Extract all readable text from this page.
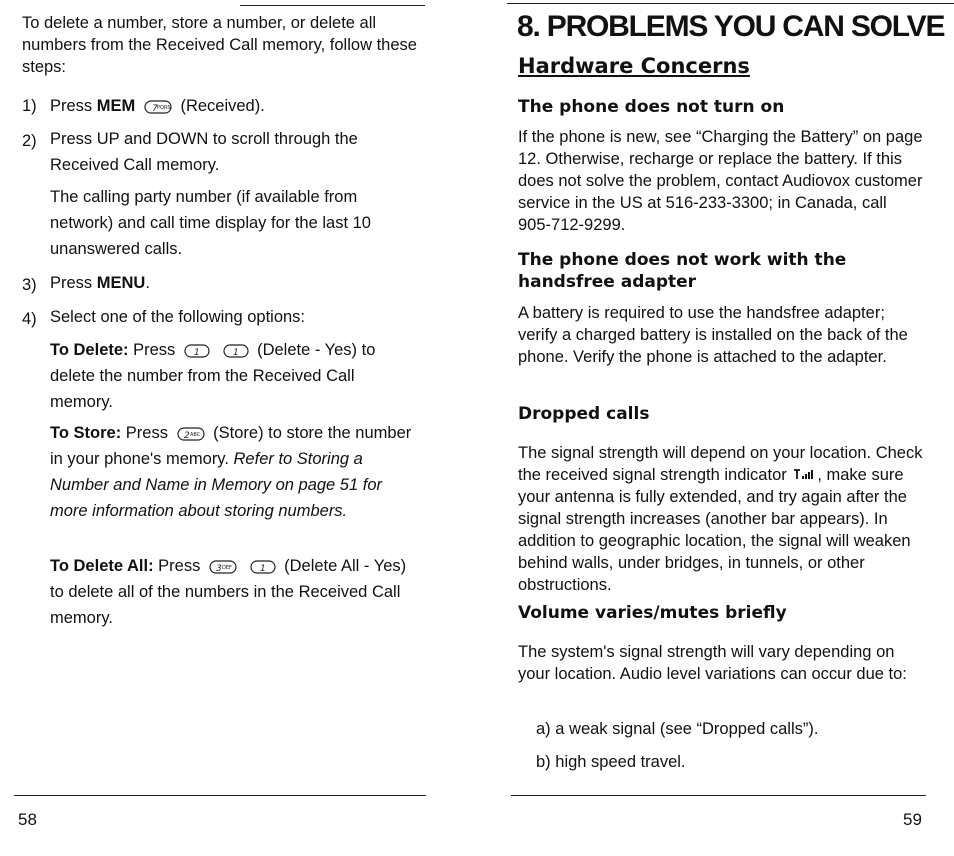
To delete a number, store a number, or delete all numbers from the Received Call memory, follow these steps:
1) Press MEM 7 PQRS (Received).
2) Press UP and DOWN to scroll through the Received Call memory.
The calling party number (if available from network) and call time display for the last 10 unanswered calls.
3) Press MENU.
4) Select one of the following options:
To Delete: Press 1
	1 (Delete - Yes) to delete the number from the Received Call memory.
To Store: Press 2 ABC (Store) to store the number in your phone's memory. Refer to Storing a Number and Name in Memory on page 51 for more information about storing numbers.
To Delete All: Press 3 DEF
	1 (Delete All - Yes) to delete all of the numbers in the Received Call memory.
58
8. PROBLEMS YOU CAN SOLVE
Hardware Concerns
The phone does not turn on
If the phone is new, see “Charging the Battery” on page 12. Otherwise, recharge or replace the battery. If this does not solve the problem, contact Audiovox customer service in the US at 516-233-3300; in Canada, call 905-712-9299.
The phone does not work with the handsfree adapter
A battery is required to use the handsfree adapter; verify a charged battery is installed on the back of the phone. Verify the phone is attached to the adapter.
Dropped calls
The signal strength will depend on your location. Check the received signal strength indicator , make sure your antenna is fully extended, and try again after the signal strength increases (another bar appears). In addition to geographic location, the signal will weaken behind walls, under bridges, in tunnels, or other obstructions.
Volume varies/mutes briefly
The system's signal strength will vary depending on your location. Audio level variations can occur due to:
a) a weak signal (see “Dropped calls”).
b) high speed travel.
59
